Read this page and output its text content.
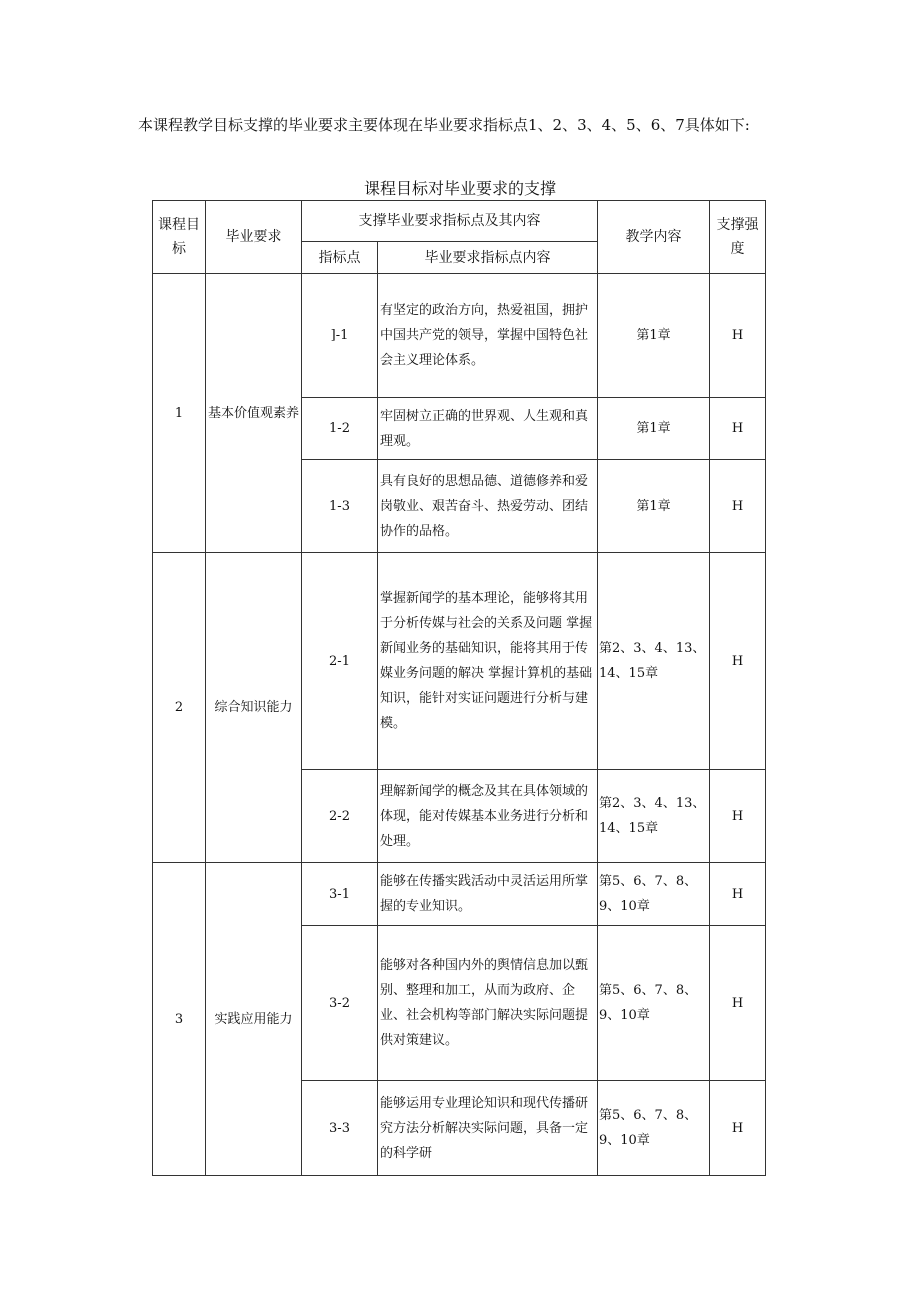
本课程教学目标支撑的毕业要求主要体现在毕业要求指标点1、2、3、4、5、6、7具体如下:

课程目标对毕业要求的支撑
课程目标	毕业要求	支撑毕业要求指标点及其内容		教学内容	支撑强度
		指标点	毕业要求指标点内容		
1	基本价值观素养	]-1	有坚定的政治方向，热爱祖国，拥护中国共产党的领导，掌握中国特色社会主义理论体系。	第1章	H
		1-2	牢固树立正确的世界观、人生观和真理观。	第1章	H
		1-3	具有良好的思想品德、道德修养和爱岗敬业、艰苦奋斗、热爱劳动、团结协作的品格。	第1章	H
2	综合知识能力	2-1	掌握新闻学的基本理论，能够将其用于分析传媒与社会的关系及问题 掌握新闻业务的基础知识，能将其用于传媒业务问题的解决 掌握计算机的基础知识，能针对实证问题进行分析与建模。	第2、3、4、13、14、15章	H
		2-2	理解新闻学的概念及其在具体领域的体现，能对传媒基本业务进行分析和处理。	第2、3、4、13、14、15章	H
3	实践应用能力	3-1	能够在传播实践活动中灵活运用所掌握的专业知识。	第5、6、7、8、9、10章	H
		3-2	能够对各种国内外的舆情信息加以甄别、整理和加工，从而为政府、企业、社会机构等部门解决实际问题提供对策建议。	第5、6、7、8、9、10章	H
		3-3	能够运用专业理论知识和现代传播研究方法分析解决实际问题，具备一定的科学研	第5、6、7、8、9、10章	H
